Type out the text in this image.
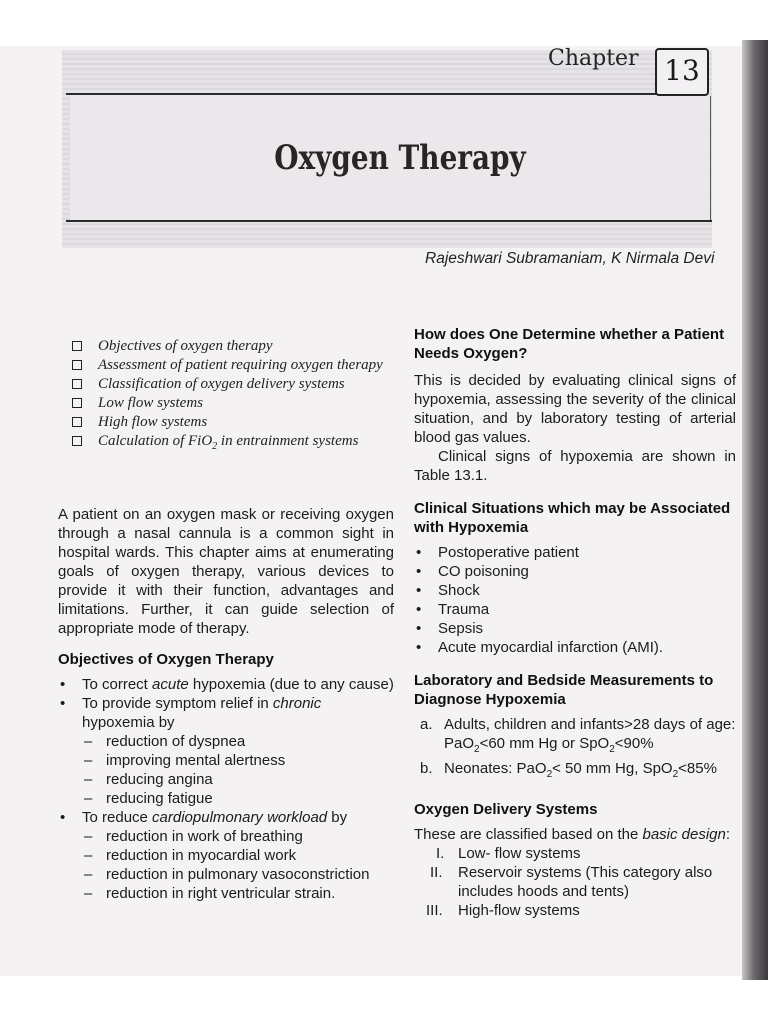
Chapter 13
Oxygen Therapy
Rajeshwari Subramaniam, K Nirmala Devi
Objectives of oxygen therapy
Assessment of patient requiring oxygen therapy
Classification of oxygen delivery systems
Low flow systems
High flow systems
Calculation of FiO$_2$ in entrainment systems

A patient on an oxygen mask or receiving oxygen through a nasal cannula is a common sight in hospital wards. This chapter aims at enumerating goals of oxygen therapy, various devices to provide it with their function, advantages and limitations. Further, it can guide selection of appropriate mode of therapy.

Objectives of Oxygen Therapy

• To correct acute hypoxemia (due to any cause)
• To provide symptom relief in chronic hypoxemia by
– reduction of dyspnea
– improving mental alertness
– reducing angina
– reducing fatigue
• To reduce cardiopulmonary workload by
– reduction in work of breathing
– reduction in myocardial work
– reduction in pulmonary vasoconstriction
– reduction in right ventricular strain.

How does One Determine whether a Patient Needs Oxygen?

This is decided by evaluating clinical signs of hypoxemia, assessing the severity of the clinical situation, and by laboratory testing of arterial blood gas values.

Clinical signs of hypoxemia are shown in Table 13.1.

Clinical Situations which may be Associated with Hypoxemia

• Postoperative patient
• CO poisoning
• Shock
• Trauma
• Sepsis
• Acute myocardial infarction (AMI).

Laboratory and Bedside Measurements to Diagnose Hypoxemia

a. Adults, children and infants>28 days of age:
PaO$_2$<60 mm Hg or SpO$_2$<90%
b. Neonates: PaO$_2$< 50 mm Hg, SpO$_2$<85%

Oxygen Delivery Systems

These are classified based on the basic design:

I. Low- flow systems
II. Reservoir systems (This category also includes hoods and tents)
III. High-flow systems
